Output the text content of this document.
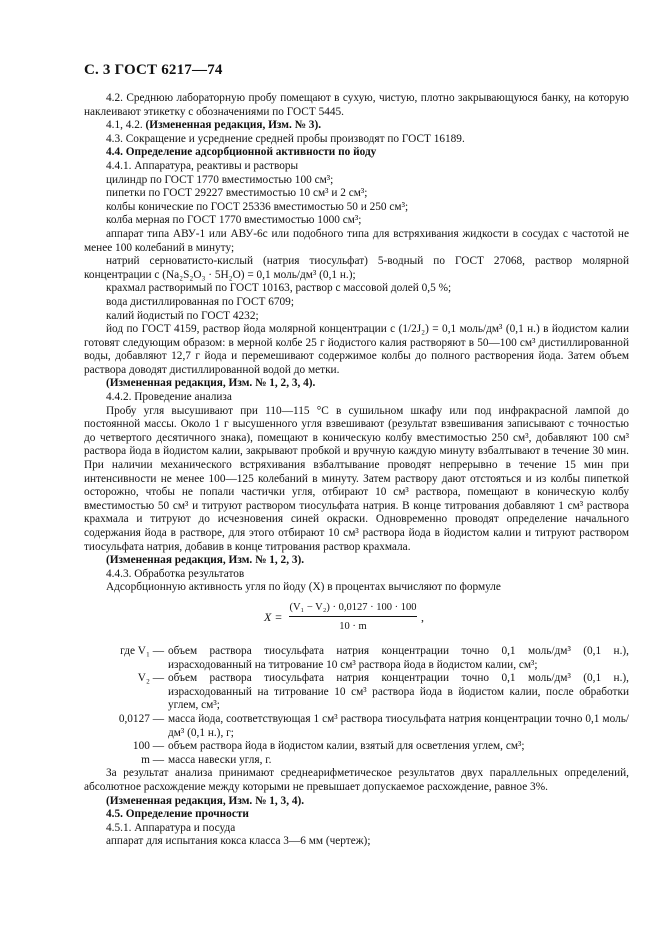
С. 3 ГОСТ 6217—74

4.2. Среднюю лабораторную пробу помещают в сухую, чистую, плотно закрывающуюся банку, на которую наклеивают этикетку с обозначениями по ГОСТ 5445.

4.1, 4.2. (Измененная редакция, Изм. № 3).

4.3. Сокращение и усреднение средней пробы производят по ГОСТ 16189.

4.4. Определение адсорбционной активности по йоду

4.4.1. Аппаратура, реактивы и растворы

цилиндр по ГОСТ 1770 вместимостью 100 см³;

пипетки по ГОСТ 29227 вместимостью 10 см³ и 2 см³;

колбы конические по ГОСТ 25336 вместимостью 50 и 250 см³;

колба мерная по ГОСТ 1770 вместимостью 1000 см³;

аппарат типа АВУ-1 или АВУ-6с или подобного типа для встряхивания жидкости в сосудах с частотой не менее 100 колебаний в минуту;

натрий серноватисто-кислый (натрия тиосульфат) 5-водный по ГОСТ 27068, раствор молярной концентрации c (Na₂S₂O₃ · 5H₂O) = 0,1 моль/дм³ (0,1 н.);

крахмал растворимый по ГОСТ 10163, раствор с массовой долей 0,5 %;

вода дистиллированная по ГОСТ 6709;

калий йодистый по ГОСТ 4232;

йод по ГОСТ 4159, раствор йода молярной концентрации c (1/2J₂) = 0,1 моль/дм³ (0,1 н.) в йодистом калии готовят следующим образом: в мерной колбе 25 г йодистого калия растворяют в 50—100 см³ дистиллированной воды, добавляют 12,7 г йода и перемешивают содержимое колбы до полного растворения йода. Затем объем раствора доводят дистиллированной водой до метки.

(Измененная редакция, Изм. № 1, 2, 3, 4).

4.4.2. Проведение анализа

Пробу угля высушивают при 110—115 °С в сушильном шкафу или под инфракрасной лампой до постоянной массы. Около 1 г высушенного угля взвешивают (результат взвешивания записывают с точностью до четвертого десятичного знака), помещают в коническую колбу вместимостью 250 см³, добавляют 100 см³ раствора йода в йодистом калии, закрывают пробкой и вручную каждую минуту взбалтывают в течение 30 мин. При наличии механического встряхивания взбалтывание проводят непрерывно в течение 15 мин при интенсивности не менее 100—125 колебаний в минуту. Затем раствору дают отстояться и из колбы пипеткой осторожно, чтобы не попали частички угля, отбирают 10 см³ раствора, помещают в коническую колбу вместимостью 50 см³ и титруют раствором тиосульфата натрия. В конце титрования добавляют 1 см³ раствора крахмала и титруют до исчезновения синей окраски. Одновременно проводят определение начального содержания йода в растворе, для этого отбирают 10 см³ раствора йода в йодистом калии и титруют раствором тиосульфата натрия, добавив в конце титрования раствор крахмала.

(Измененная редакция, Изм. № 1, 2, 3).

4.4.3. Обработка результатов

Адсорбционную активность угля по йоду (X) в процентах вычисляют по формуле

X =
(V₁ − V₂) · 0,0127 · 100 · 100
10 · m
,

где V₁ — объем раствора тиосульфата натрия концентрации точно 0,1 моль/дм³ (0,1 н.), израсходованный на титрование 10 см³ раствора йода в йодистом калии, см³;

V₂ — объем раствора тиосульфата натрия концентрации точно 0,1 моль/дм³ (0,1 н.), израсходованный на титрование 10 см³ раствора йода в йодистом калии, после обработки углем, см³;

0,0127 — масса йода, соответствующая 1 см³ раствора тиосульфата натрия концентрации точно 0,1 моль/дм³ (0,1 н.), г;

100 — объем раствора йода в йодистом калии, взятый для осветления углем, см³;

m — масса навески угля, г.

За результат анализа принимают среднеарифметическое результатов двух параллельных определений, абсолютное расхождение между которыми не превышает допускаемое расхождение, равное 3%.

(Измененная редакция, Изм. № 1, 3, 4).

4.5. Определение прочности

4.5.1. Аппаратура и посуда

аппарат для испытания кокса класса 3—6 мм (чертеж);
